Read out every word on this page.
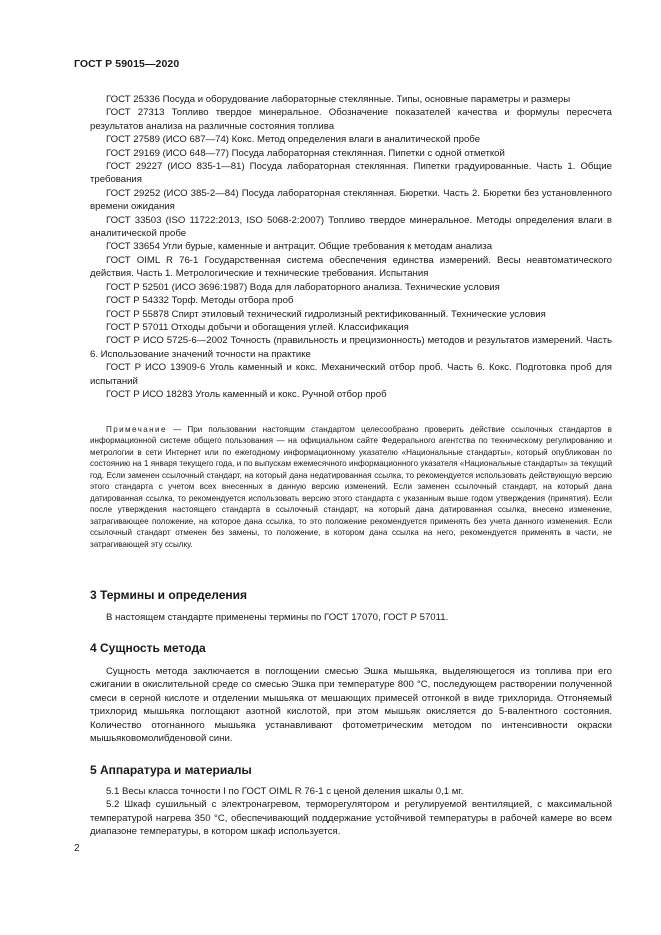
ГОСТ Р 59015—2020

ГОСТ 25336 Посуда и оборудование лабораторные стеклянные. Типы, основные параметры и размеры

ГОСТ 27313 Топливо твердое минеральное. Обозначение показателей качества и формулы пересчета результатов анализа на различные состояния топлива

ГОСТ 27589 (ИСО 687—74) Кокс. Метод определения влаги в аналитической пробе

ГОСТ 29169 (ИСО 648—77) Посуда лабораторная стеклянная. Пипетки с одной отметкой

ГОСТ 29227 (ИСО 835-1—81) Посуда лабораторная стеклянная. Пипетки градуированные. Часть 1. Общие требования

ГОСТ 29252 (ИСО 385-2—84) Посуда лабораторная стеклянная. Бюретки. Часть 2. Бюретки без установленного времени ожидания

ГОСТ 33503 (ISO 11722:2013, ISO 5068-2:2007) Топливо твердое минеральное. Методы определения влаги в аналитической пробе

ГОСТ 33654 Угли бурые, каменные и антрацит. Общие требования к методам анализа

ГОСТ OIML R 76-1 Государственная система обеспечения единства измерений. Весы неавтоматического действия. Часть 1. Метрологические и технические требования. Испытания

ГОСТ Р 52501 (ИСО 3696:1987) Вода для лабораторного анализа. Технические условия

ГОСТ Р 54332 Торф. Методы отбора проб

ГОСТ Р 55878 Спирт этиловый технический гидролизный ректификованный. Технические условия

ГОСТ Р 57011 Отходы добычи и обогащения углей. Классификация

ГОСТ Р ИСО 5725-6—2002 Точность (правильность и прецизионность) методов и результатов измерений. Часть 6. Использование значений точности на практике

ГОСТ Р ИСО 13909-6 Уголь каменный и кокс. Механический отбор проб. Часть 6. Кокс. Подготовка проб для испытаний

ГОСТ Р ИСО 18283 Уголь каменный и кокс. Ручной отбор проб

Примечание — При пользовании настоящим стандартом целесообразно проверить действие ссылочных стандартов в информационной системе общего пользования — на официальном сайте Федерального агентства по техническому регулированию и метрологии в сети Интернет или по ежегодному информационному указателю «Национальные стандарты», который опубликован по состоянию на 1 января текущего года, и по выпускам ежемесячного информационного указателя «Национальные стандарты» за текущий год. Если заменен ссылочный стандарт, на который дана недатированная ссылка, то рекомендуется использовать действующую версию этого стандарта с учетом всех внесенных в данную версию изменений. Если заменен ссылочный стандарт, на который дана датированная ссылка, то рекомендуется использовать версию этого стандарта с указанным выше годом утверждения (принятия). Если после утверждения настоящего стандарта в ссылочный стандарт, на который дана датированная ссылка, внесено изменение, затрагивающее положение, на которое дана ссылка, то это положение рекомендуется применять без учета данного изменения. Если ссылочный стандарт отменен без замены, то положение, в котором дана ссылка на него, рекомендуется применять в части, не затрагивающей эту ссылку.

3 Термины и определения

В настоящем стандарте применены термины по ГОСТ 17070, ГОСТ Р 57011.

4 Сущность метода

Сущность метода заключается в поглощении смесью Эшка мышьяка, выделяющегося из топлива при его сжигании в окислительной среде со смесью Эшка при температуре 800 °С, последующем растворении полученной смеси в серной кислоте и отделении мышьяка от мешающих примесей отгонкой в виде трихлорида. Отгоняемый трихлорид мышьяка поглощают азотной кислотой, при этом мышьяк окисляется до 5-валентного состояния. Количество отогнанного мышьяка устанавливают фотометрическим методом по интенсивности окраски мышьяковомолибденовой сини.

5 Аппаратура и материалы

5.1 Весы класса точности I по ГОСТ OIML R 76-1 с ценой деления шкалы 0,1 мг.

5.2 Шкаф сушильный с электронагревом, терморегулятором и регулируемой вентиляцией, с максимальной температурой нагрева 350 °С, обеспечивающий поддержание устойчивой температуры в рабочей камере во всем диапазоне температуры, в котором шкаф используется.

2
